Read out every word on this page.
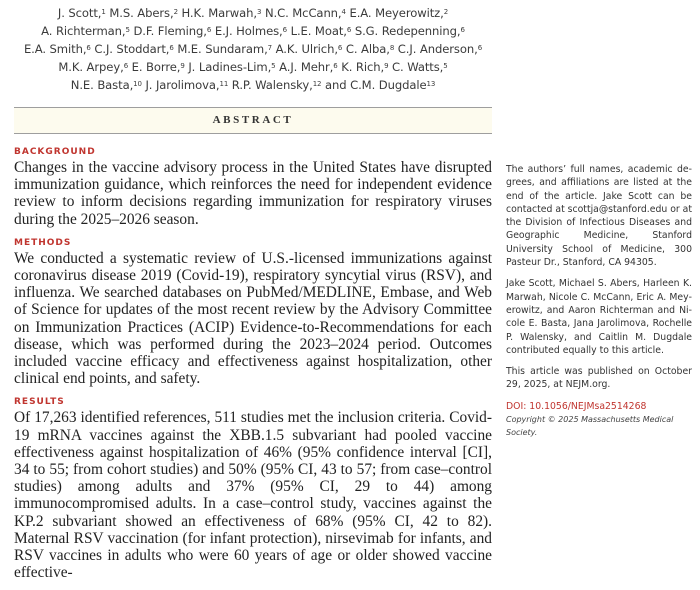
J. Scott,$^1$ M.S. Abers,$^2$ H.K. Marwah,$^3$ N.C. McCann,$^4$ E.A. Meyerowitz,$^2$
A. Richterman,$^5$ D.F. Fleming,$^6$ E.J. Holmes,$^6$ L.E. Moat,$^6$ S.G. Redepenning,$^6$
E.A. Smith,$^6$ C.J. Stoddart,$^6$ M.E. Sundaram,$^7$ A.K. Ulrich,$^6$ C. Alba,$^8$ C.J. Anderson,$^6$
M.K. Arpey,$^6$ E. Borre,$^9$ J. Ladines-Lim,$^5$ A.J. Mehr,$^6$ K. Rich,$^9$ C. Watts,$^5$
N.E. Basta,$^{10}$ J. Jarolimova,$^{11}$ R.P. Walensky,$^{12}$ and C.M. Dugdale$^{13}$
ABSTRACT
BACKGROUND

Changes in the vaccine advisory process in the United States have disrupted immunization guidance, which reinforces the need for independent evidence review to inform decisions regarding immunization for respiratory viruses during the 2025–2026 season.

METHODS

We conducted a systematic review of U.S.-licensed immunizations against coronavirus disease 2019 (Covid-19), respiratory syncytial virus (RSV), and influenza. We searched databases on PubMed/MEDLINE, Embase, and Web of Science for updates of the most recent review by the Advisory Committee on Immunization Practices (ACIP) Evidence-to-Recommendations for each disease, which was performed during the 2023–2024 period. Outcomes included vaccine efficacy and effectiveness against hospitalization, other clinical end points, and safety.

RESULTS

Of 17,263 identified references, 511 studies met the inclusion criteria. Covid-19 mRNA vaccines against the XBB.1.5 subvariant had pooled vaccine effectiveness against hospitalization of 46% (95% confidence interval [CI], 34 to 55; from cohort studies) and 50% (95% CI, 43 to 57; from case–control studies) among adults and 37% (95% CI, 29 to 44) among immunocompromised adults. In a case–control study, vaccines against the KP.2 subvariant showed an effectiveness of 68% (95% CI, 42 to 82). Maternal RSV vaccination (for infant protection), nirsevimab for infants, and RSV vaccines in adults who were 60 years of age or older showed vaccine effective-

The authors’ full names, academic degrees, and affiliations are listed at the end of the article. Jake Scott can be contacted at scottja@stanford.edu or at the Division of Infectious Diseases and Geographic Medicine, Stanford University School of Medicine, 300 Pasteur Dr., Stanford, CA 94305.

Jake Scott, Michael S. Abers, Harleen K. Marwah, Nicole C. McCann, Eric A. Meyerowitz, and Aaron Richterman and Nicole E. Basta, Jana Jarolimova, Rochelle P. Walensky, and Caitlin M. Dugdale contributed equally to this article.

This article was published on October 29, 2025, at NEJM.org.

DOI: 10.1056/NEJMsa2514268
Copyright © 2025 Massachusetts Medical Society.
